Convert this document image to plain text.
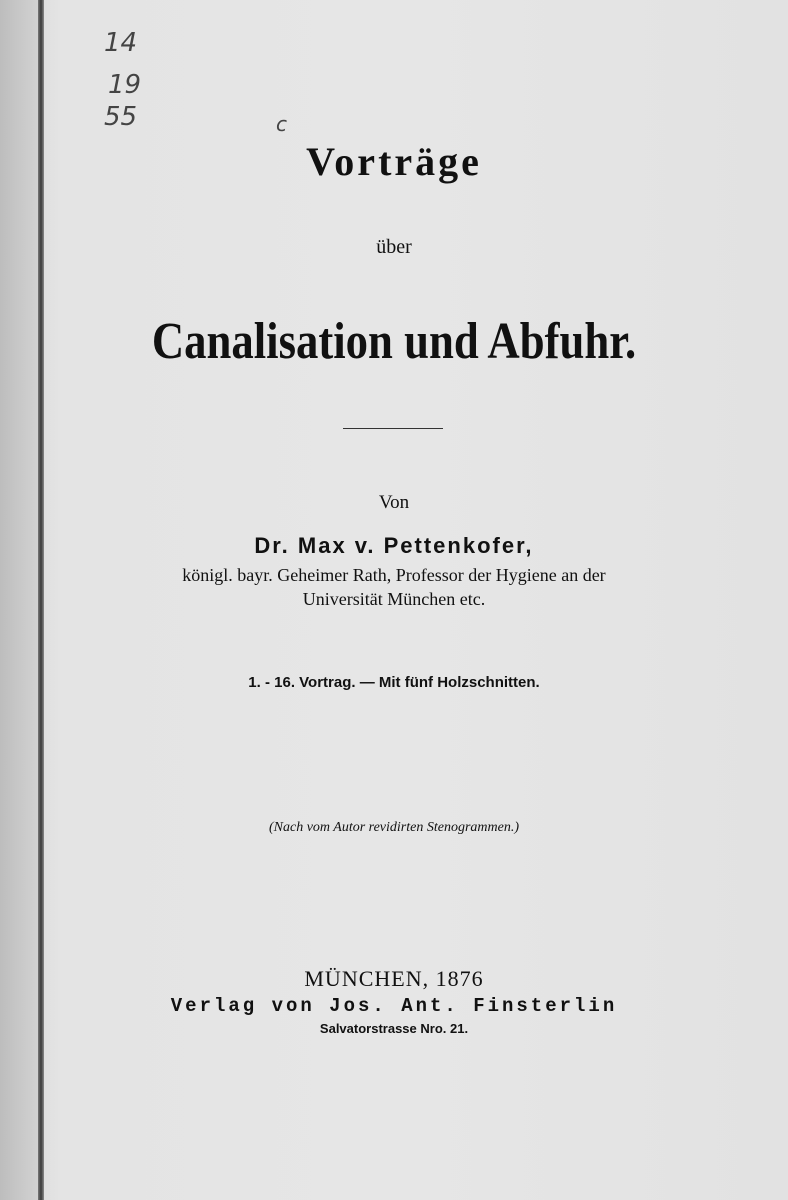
14
19
55	c
Vorträge
über
Canalisation und Abfuhr.
Von
Dr. Max v. Pettenkofer,
königl. bayr. Geheimer Rath, Professor der Hygiene an der
Universität München etc.
1. - 16. Vortrag. — Mit fünf Holzschnitten.
(Nach vom Autor revidirten Stenogrammen.)
MÜNCHEN, 1876
Verlag von Jos. Ant. Finsterlin
Salvatorstrasse Nro. 21.
